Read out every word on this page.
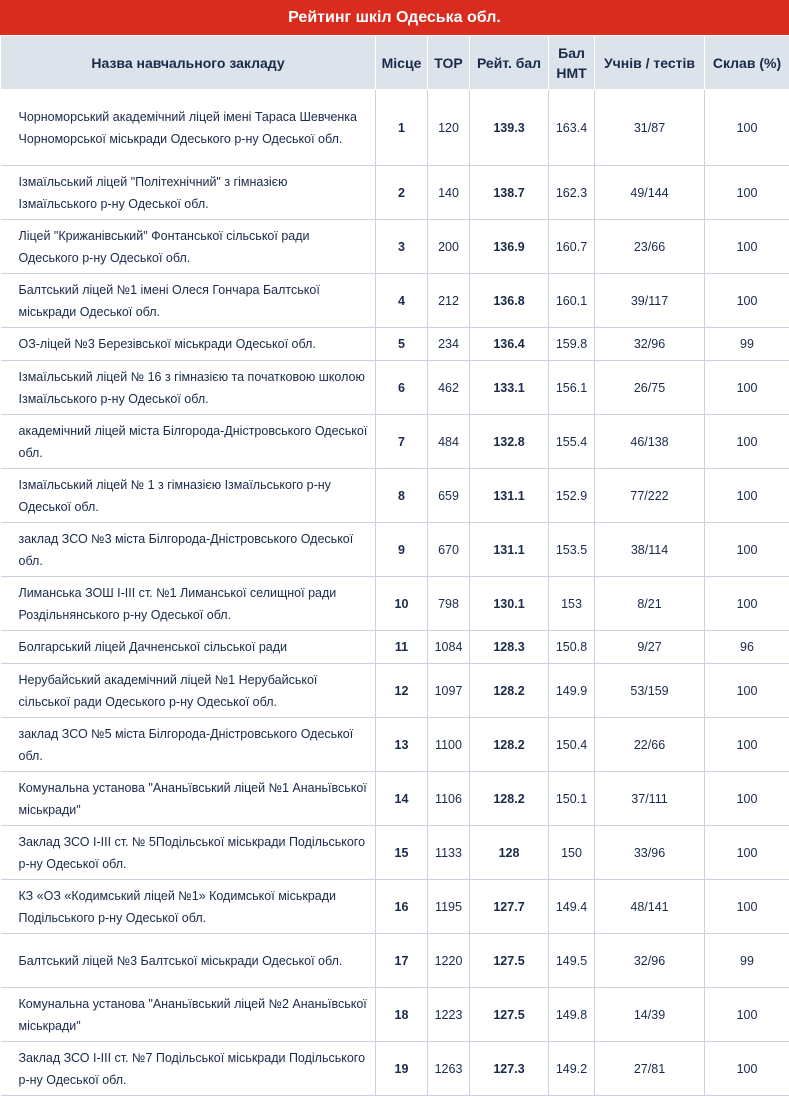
Рейтинг шкіл Одеська обл.
Назва навчального закладу	Місце	TOP	Рейт. бал	Бал НМТ	Учнів / тестів	Склав (%)
Чорноморський академічний ліцей імені Тараса Шевченка Чорноморської міськради Одеського р-ну Одеської обл.	1	120	139.3	163.4	31/87	100
Ізмаїльський ліцей "Політехнічний" з гімназією Ізмаїльського р-ну Одеської обл.	2	140	138.7	162.3	49/144	100
Ліцей "Крижанівський" Фонтанської сільської ради Одеського р-ну Одеської обл.	3	200	136.9	160.7	23/66	100
Балтський ліцей №1 імені Олеся Гончара Балтської міськради Одеської обл.	4	212	136.8	160.1	39/117	100
ОЗ-ліцей №3 Березівської міськради Одеської обл.	5	234	136.4	159.8	32/96	99
Ізмаїльський ліцей № 16 з гімназією та початковою школою Ізмаїльського р-ну Одеської обл.	6	462	133.1	156.1	26/75	100
академічний ліцей міста Білгорода-Дністровського Одеської обл.	7	484	132.8	155.4	46/138	100
Ізмаїльський ліцей № 1 з гімназією Ізмаїльського р-ну Одеської обл.	8	659	131.1	152.9	77/222	100
заклад ЗСО №3 міста Білгорода-Дністровського Одеської обл.	9	670	131.1	153.5	38/114	100
Лиманська ЗОШ І-ІІІ ст. №1 Лиманської селищної ради Роздільнянського р-ну Одеської обл.	10	798	130.1	153	8/21	100
Болгарський ліцей Дачненської сільської ради	11	1084	128.3	150.8	9/27	96
Нерубайський академічний ліцей №1 Нерубайської сільської ради Одеського р-ну Одеської обл.	12	1097	128.2	149.9	53/159	100
заклад ЗСО №5 міста Білгорода-Дністровського Одеської обл.	13	1100	128.2	150.4	22/66	100
Комунальна установа "Ананьївський ліцей №1 Ананьївської міськради"	14	1106	128.2	150.1	37/111	100
Заклад ЗСО І-ІІІ ст. № 5Подільської міськради Подільського р-ну Одеської обл.	15	1133	128	150	33/96	100
КЗ «ОЗ «Кодимський ліцей №1» Кодимської міськради Подільського р-ну Одеської обл.	16	1195	127.7	149.4	48/141	100
Балтський ліцей №3 Балтської міськради Одеської обл.	17	1220	127.5	149.5	32/96	99
Комунальна установа "Ананьївський ліцей №2 Ананьївської міськради"	18	1223	127.5	149.8	14/39	100
Заклад ЗСО І-ІІІ ст. №7 Подільської міськради Подільського р-ну Одеської обл.	19	1263	127.3	149.2	27/81	100
